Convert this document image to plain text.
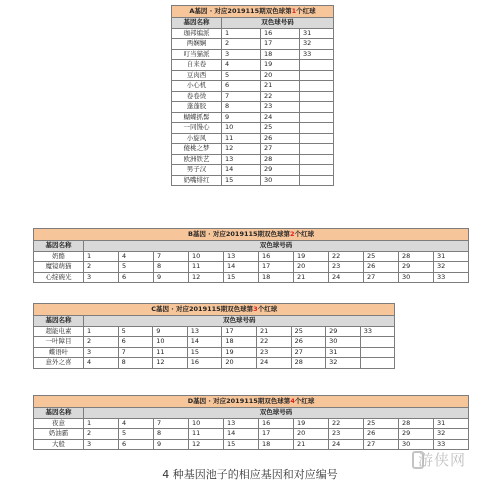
A基因 · 对应2019115期双色球第1个红球			
基因名称	双色球号码		
珈邦编派	1	16	31
两娴娴	2	17	32
叮当猫派	3	18	33
自来卷	4	19	
豆肉西	5	20	
小心机	6	21	
卷卷烫	7	22	
蓬蓬胶	8	23	
蝴蝶抓髻	9	24	
一同馒心	10	25	
小旋风	11	26	
傻桃之梦	12	27	
欧洲铁艺	13	28	
男子汉	14	29	
奶嘴绯红	15	30	
B基因 · 对应2019115期双色球第2个红球											
基因名称	双色球号码										
奶酪	1	4	7	10	13	16	19	22	25	28	31
魔镜萌猫	2	5	8	11	14	17	20	23	26	29	32
心绽碗光	3	6	9	12	15	18	21	24	27	30	33
C基因 · 对应2019115期双色球第3个红球									
基因名称	双色球号码								
超能电素	1	5	9	13	17	21	25	29	33
一叶障目	2	6	10	14	18	22	26	30	
蝶语叶	3	7	11	15	19	23	27	31	
意外之喜	4	8	12	16	20	24	28	32	
D基因 · 对应2019115期双色球第4个红球											
基因名称	双色球号码										
夜意	1	4	7	10	13	16	19	22	25	28	31
奶油霸	2	5	8	11	14	17	20	23	26	29	32
大般	3	6	9	12	15	18	21	24	27	30	33
4 种基因池子的相应基因和对应编号
游侠网
